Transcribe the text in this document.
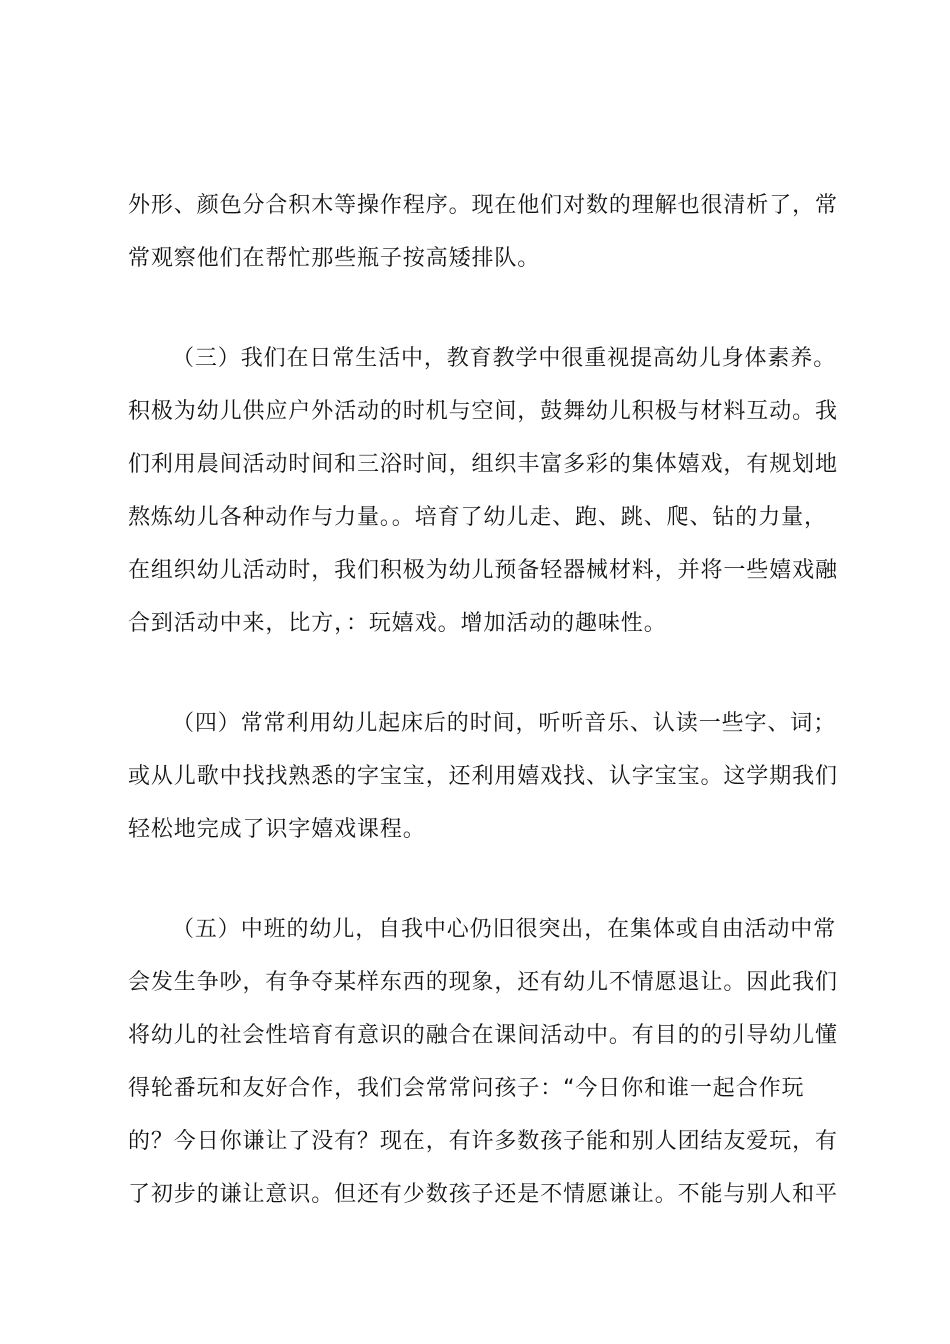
外形、颜色分合积木等操作程序。现在他们对数的理解也很清析了，常
常观察他们在帮忙那些瓶子按高矮排队。
（三）我们在日常生活中，教育教学中很重视提高幼儿身体素养。
积极为幼儿供应户外活动的时机与空间，鼓舞幼儿积极与材料互动。我
们利用晨间活动时间和三浴时间，组织丰富多彩的集体嬉戏，有规划地
熬炼幼儿各种动作与力量。。培育了幼儿走、跑、跳、爬、钻的力量，
在组织幼儿活动时，我们积极为幼儿预备轻器械材料，并将一些嬉戏融
合到活动中来，比方，：玩嬉戏。增加活动的趣味性。
（四）常常利用幼儿起床后的时间，听听音乐、认读一些字、词；
或从儿歌中找找熟悉的字宝宝，还利用嬉戏找、认字宝宝。这学期我们
轻松地完成了识字嬉戏课程。
（五）中班的幼儿，自我中心仍旧很突出，在集体或自由活动中常
会发生争吵，有争夺某样东西的现象，还有幼儿不情愿退让。因此我们
将幼儿的社会性培育有意识的融合在课间活动中。有目的的引导幼儿懂
得轮番玩和友好合作，我们会常常问孩子：“今日你和谁一起合作玩
的？今日你谦让了没有？现在，有许多数孩子能和别人团结友爱玩，有
了初步的谦让意识。但还有少数孩子还是不情愿谦让。不能与别人和平
